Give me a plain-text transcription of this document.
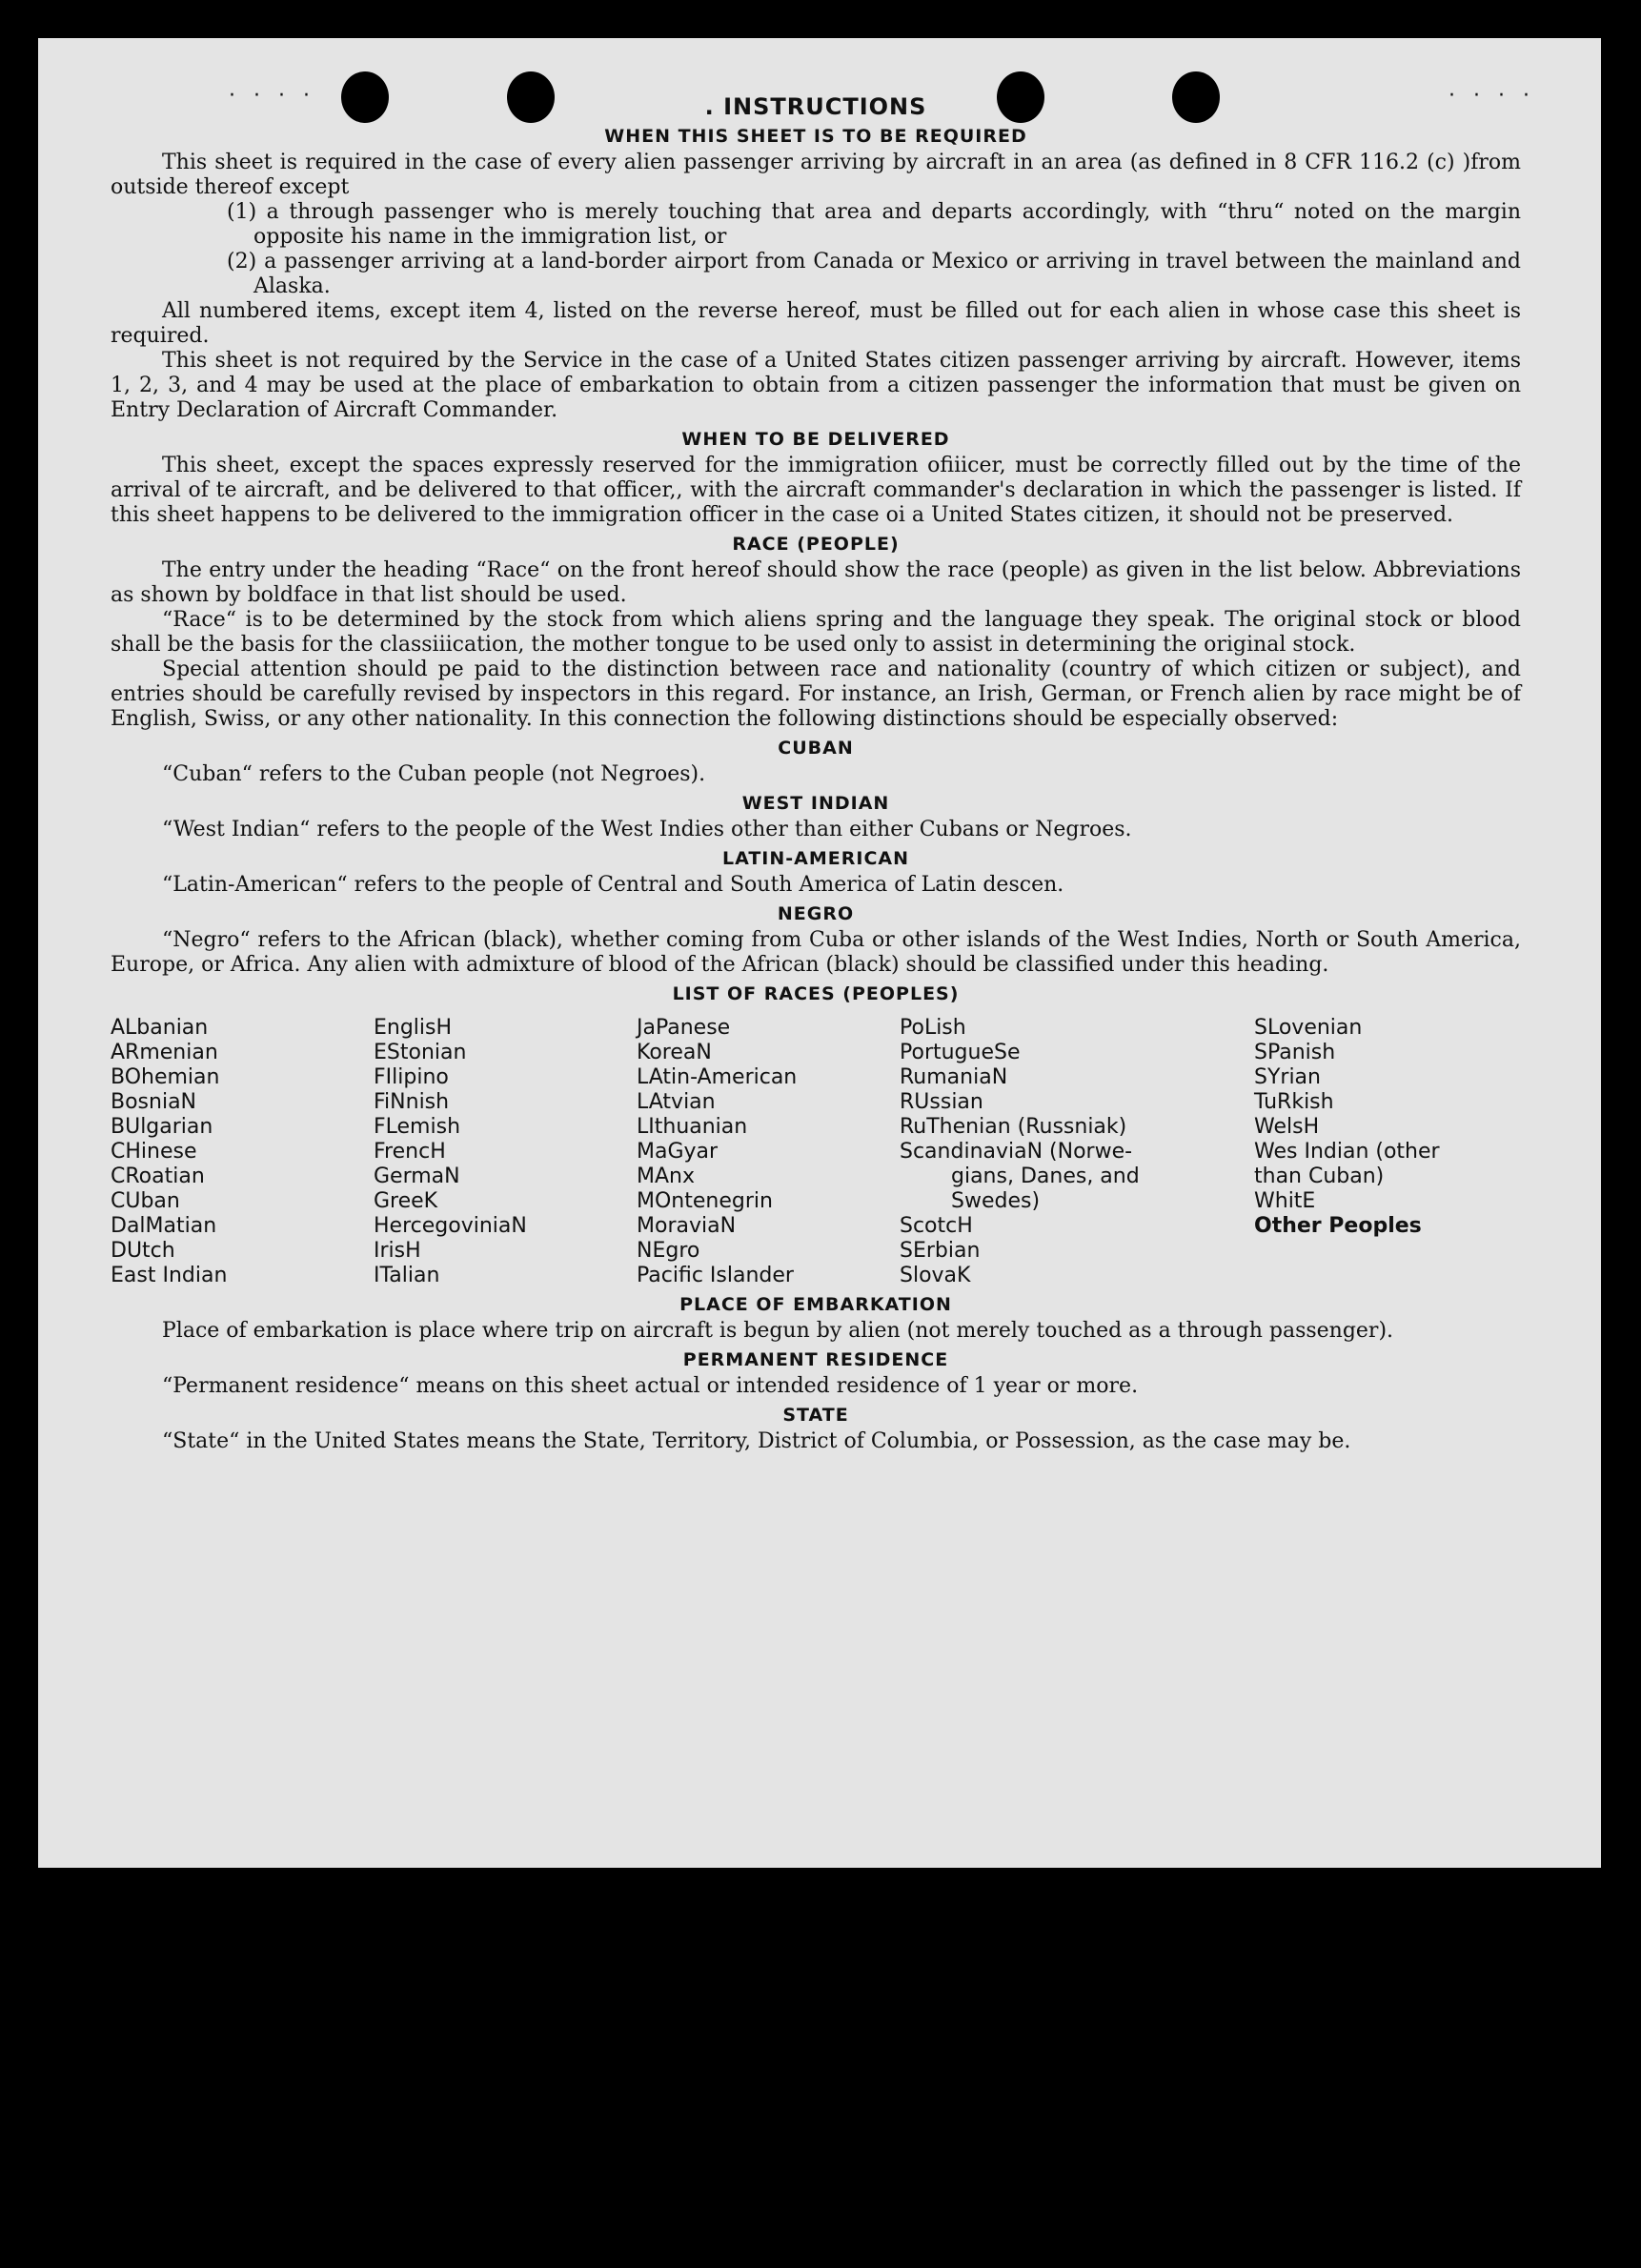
· · · ·	· · · ·
. INSTRUCTIONS
WHEN THIS SHEET IS TO BE REQUIRED

This sheet is required in the case of every alien passenger arriving by aircraft in an area (as defined in 8 CFR 116.2 (c) )from outside thereof except

(1) a through passenger who is merely touching that area and departs accordingly, with “thru“ noted on the margin opposite his name in the immigration list, or

(2) a passenger arriving at a land-border airport from Canada or Mexico or arriving in travel between the mainland and Alaska.

All numbered items, except item 4, listed on the reverse hereof, must be filled out for each alien in whose case this sheet is required.

This sheet is not required by the Service in the case of a United States citizen passenger arriving by aircraft. However, items 1, 2, 3, and 4 may be used at the place of embarkation to obtain from a citizen passenger the information that must be given on Entry Declaration of Aircraft Commander.

WHEN TO BE DELIVERED

This sheet, except the spaces expressly reserved for the immigration ofiiicer, must be correctly filled out by the time of the arrival of te aircraft, and be delivered to that officer,, with the aircraft commander's declaration in which the passenger is listed. If this sheet happens to be delivered to the immigration officer in the case oi a United States citizen, it should not be preserved.

RACE (PEOPLE)

The entry under the heading “Race“ on the front hereof should show the race (people) as given in the list below. Abbreviations as shown by boldface in that list should be used.

“Race“ is to be determined by the stock from which aliens spring and the language they speak. The original stock or blood shall be the basis for the classiiication, the mother tongue to be used only to assist in determining the original stock.

Special attention should pe paid to the distinction between race and nationality (country of which citizen or subject), and entries should be carefully revised by inspectors in this regard. For instance, an Irish, German, or French alien by race might be of English, Swiss, or any other nationality. In this connection the following distinctions should be especially observed:

CUBAN

“Cuban“ refers to the Cuban people (not Negroes).

WEST INDIAN

“West Indian“ refers to the people of the West Indies other than either Cubans or Negroes.

LATIN-AMERICAN

“Latin-American“ refers to the people of Central and South America of Latin descen.

NEGRO

“Negro“ refers to the African (black), whether coming from Cuba or other islands of the West Indies, North or South America, Europe, or Africa. Any alien with admixture of blood of the African (black) should be classified under this heading.

LIST OF RACES (PEOPLES)
ALbanian
ARmenian
BOhemian
BosniaN
BUlgarian
CHinese
CRoatian
CUban
DalMatian
DUtch
East Indian
EnglisH
EStonian
FIlipino
FiNnish
FLemish
FrencH
GermaN
GreeK
HercegoviniaN
IrisH
ITalian
JaPanese
KoreaN
LAtin-American
LAtvian
LIthuanian
MaGyar
MAnx
MOntenegrin
MoraviaN
NEgro
Pacific Islander
PoLish
PortugueSe
RumaniaN
RUssian
RuThenian (Russniak)
ScandinaviaN (Norwe-
gians, Danes, and
Swedes)
ScotcH
SErbian
SlovaK
SLovenian
SPanish
SYrian
TuRkish
WelsH
Wes Indian (other
than Cuban)
WhitE
Other Peoples
PLACE OF EMBARKATION

Place of embarkation is place where trip on aircraft is begun by alien (not merely touched as a through passenger).

PERMANENT RESIDENCE

“Permanent residence“ means on this sheet actual or intended residence of 1 year or more.

STATE

“State“ in the United States means the State, Territory, District of Columbia, or Possession, as the case may be.
